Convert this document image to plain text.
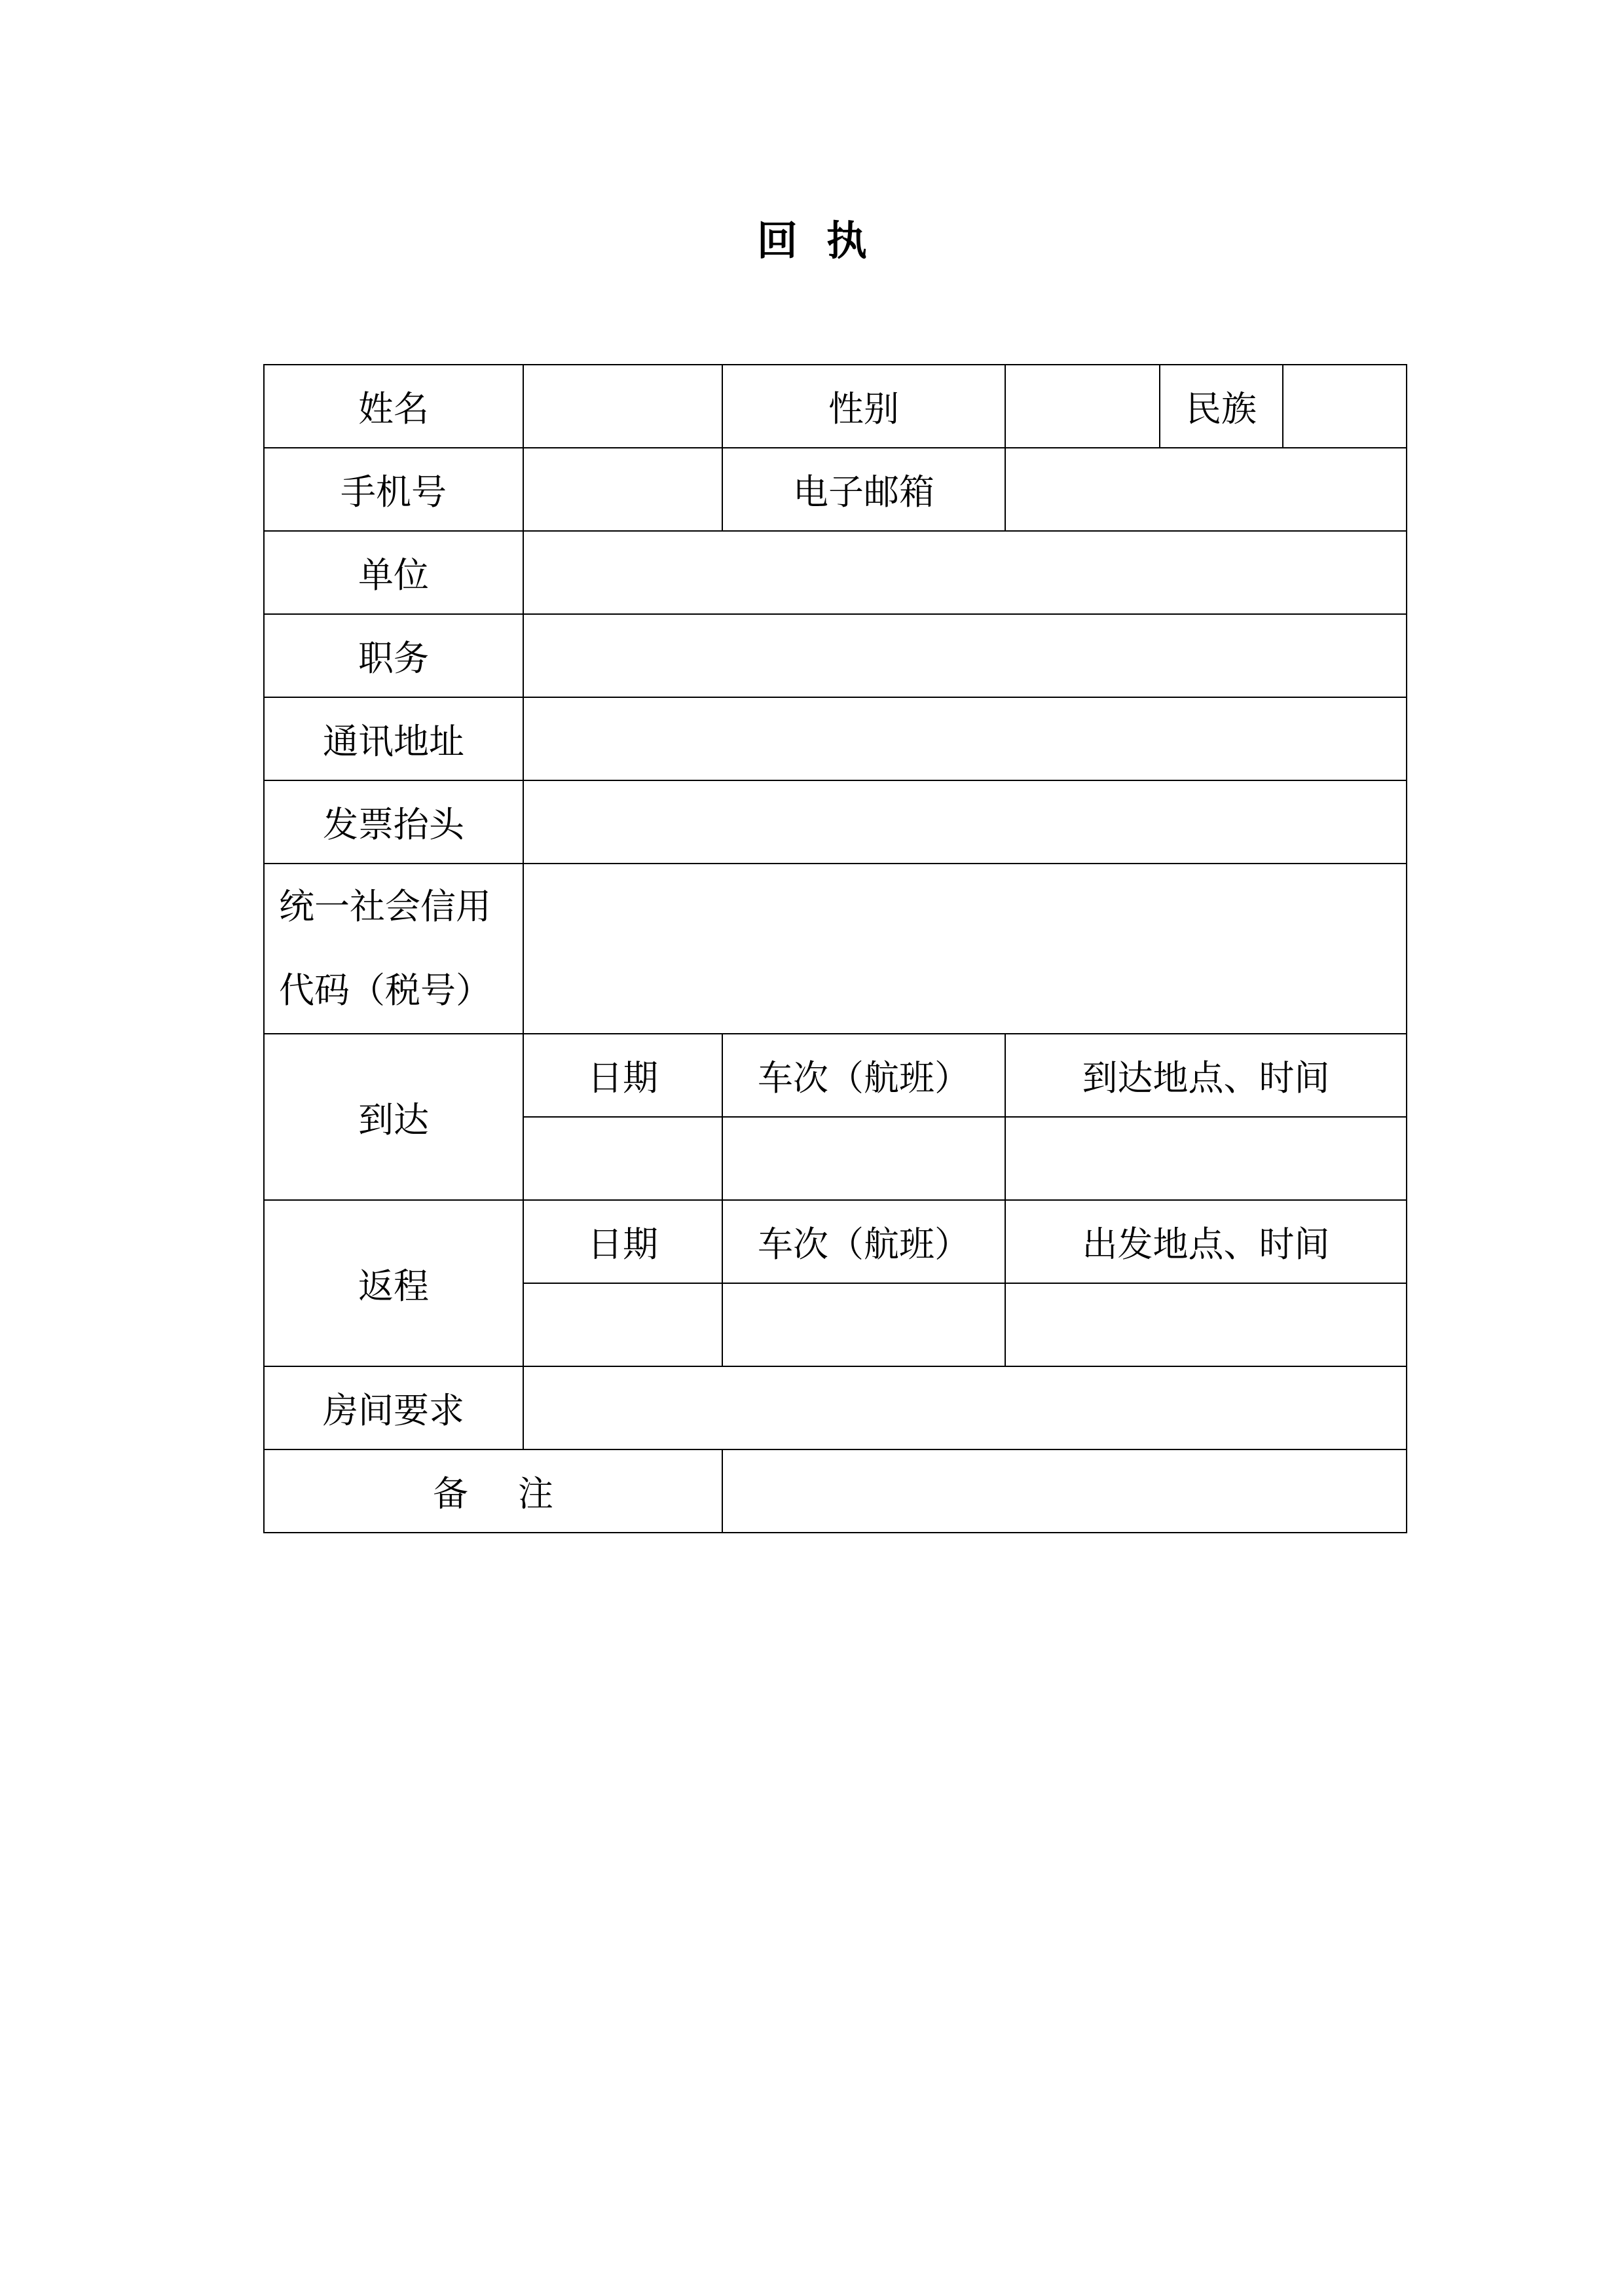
回 执
姓名		性别		民族	
手机号		电子邮箱			
单位					
职务					
通讯地址					
发票抬头					

统一社会信用
代码（税号）					

到达	日期	车次（航班）	到达地点、时间		

返程	日期	车次（航班）	出发地点、时间		

房间要求					
备 注					
